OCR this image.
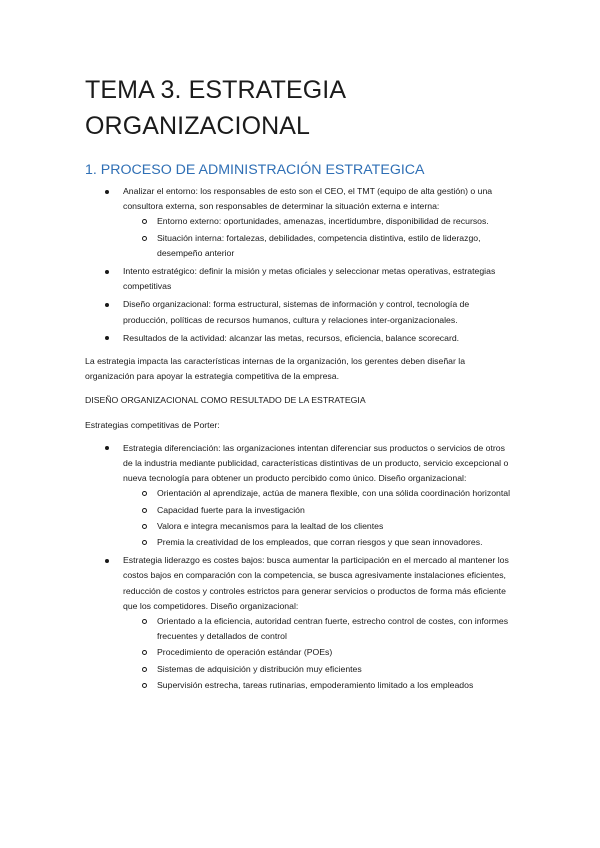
TEMA 3. ESTRATEGIA
ORGANIZACIONAL
1. PROCESO DE ADMINISTRACIÓN ESTRATEGICA
Analizar el entorno: los responsables de esto son el CEO, el TMT (equipo de alta gestión) o una consultora externa, son responsables de determinar la situación externa e interna:
Entorno externo: oportunidades, amenazas, incertidumbre, disponibilidad de recursos.
Situación interna: fortalezas, debilidades, competencia distintiva, estilo de liderazgo, desempeño anterior
Intento estratégico: definir la misión y metas oficiales y seleccionar metas operativas, estrategias competitivas
Diseño organizacional: forma estructural, sistemas de información y control, tecnología de producción, políticas de recursos humanos, cultura y relaciones inter-organizacionales.
Resultados de la actividad: alcanzar las metas, recursos, eficiencia, balance scorecard.

La estrategia impacta las características internas de la organización, los gerentes deben diseñar la organización para apoyar la estrategia competitiva de la empresa.

DISEÑO ORGANIZACIONAL COMO RESULTADO DE LA ESTRATEGIA

Estrategias competitivas de Porter:

Estrategia diferenciación: las organizaciones intentan diferenciar sus productos o servicios de otros de la industria mediante publicidad, características distintivas de un producto, servicio excepcional o nueva tecnología para obtener un producto percibido como único. Diseño organizacional:
Orientación al aprendizaje, actúa de manera flexible, con una sólida coordinación horizontal
Capacidad fuerte para la investigación
Valora e integra mecanismos para la lealtad de los clientes
Premia la creatividad de los empleados, que corran riesgos y que sean innovadores.
Estrategia liderazgo es costes bajos: busca aumentar la participación en el mercado al mantener los costos bajos en comparación con la competencia, se busca agresivamente instalaciones eficientes, reducción de costos y controles estrictos para generar servicios o productos de forma más eficiente que los competidores. Diseño organizacional:
Orientado a la eficiencia, autoridad centran fuerte, estrecho control de costes, con informes frecuentes y detallados de control
Procedimiento de operación estándar (POEs)
Sistemas de adquisición y distribución muy eficientes
Supervisión estrecha, tareas rutinarias, empoderamiento limitado a los empleados
